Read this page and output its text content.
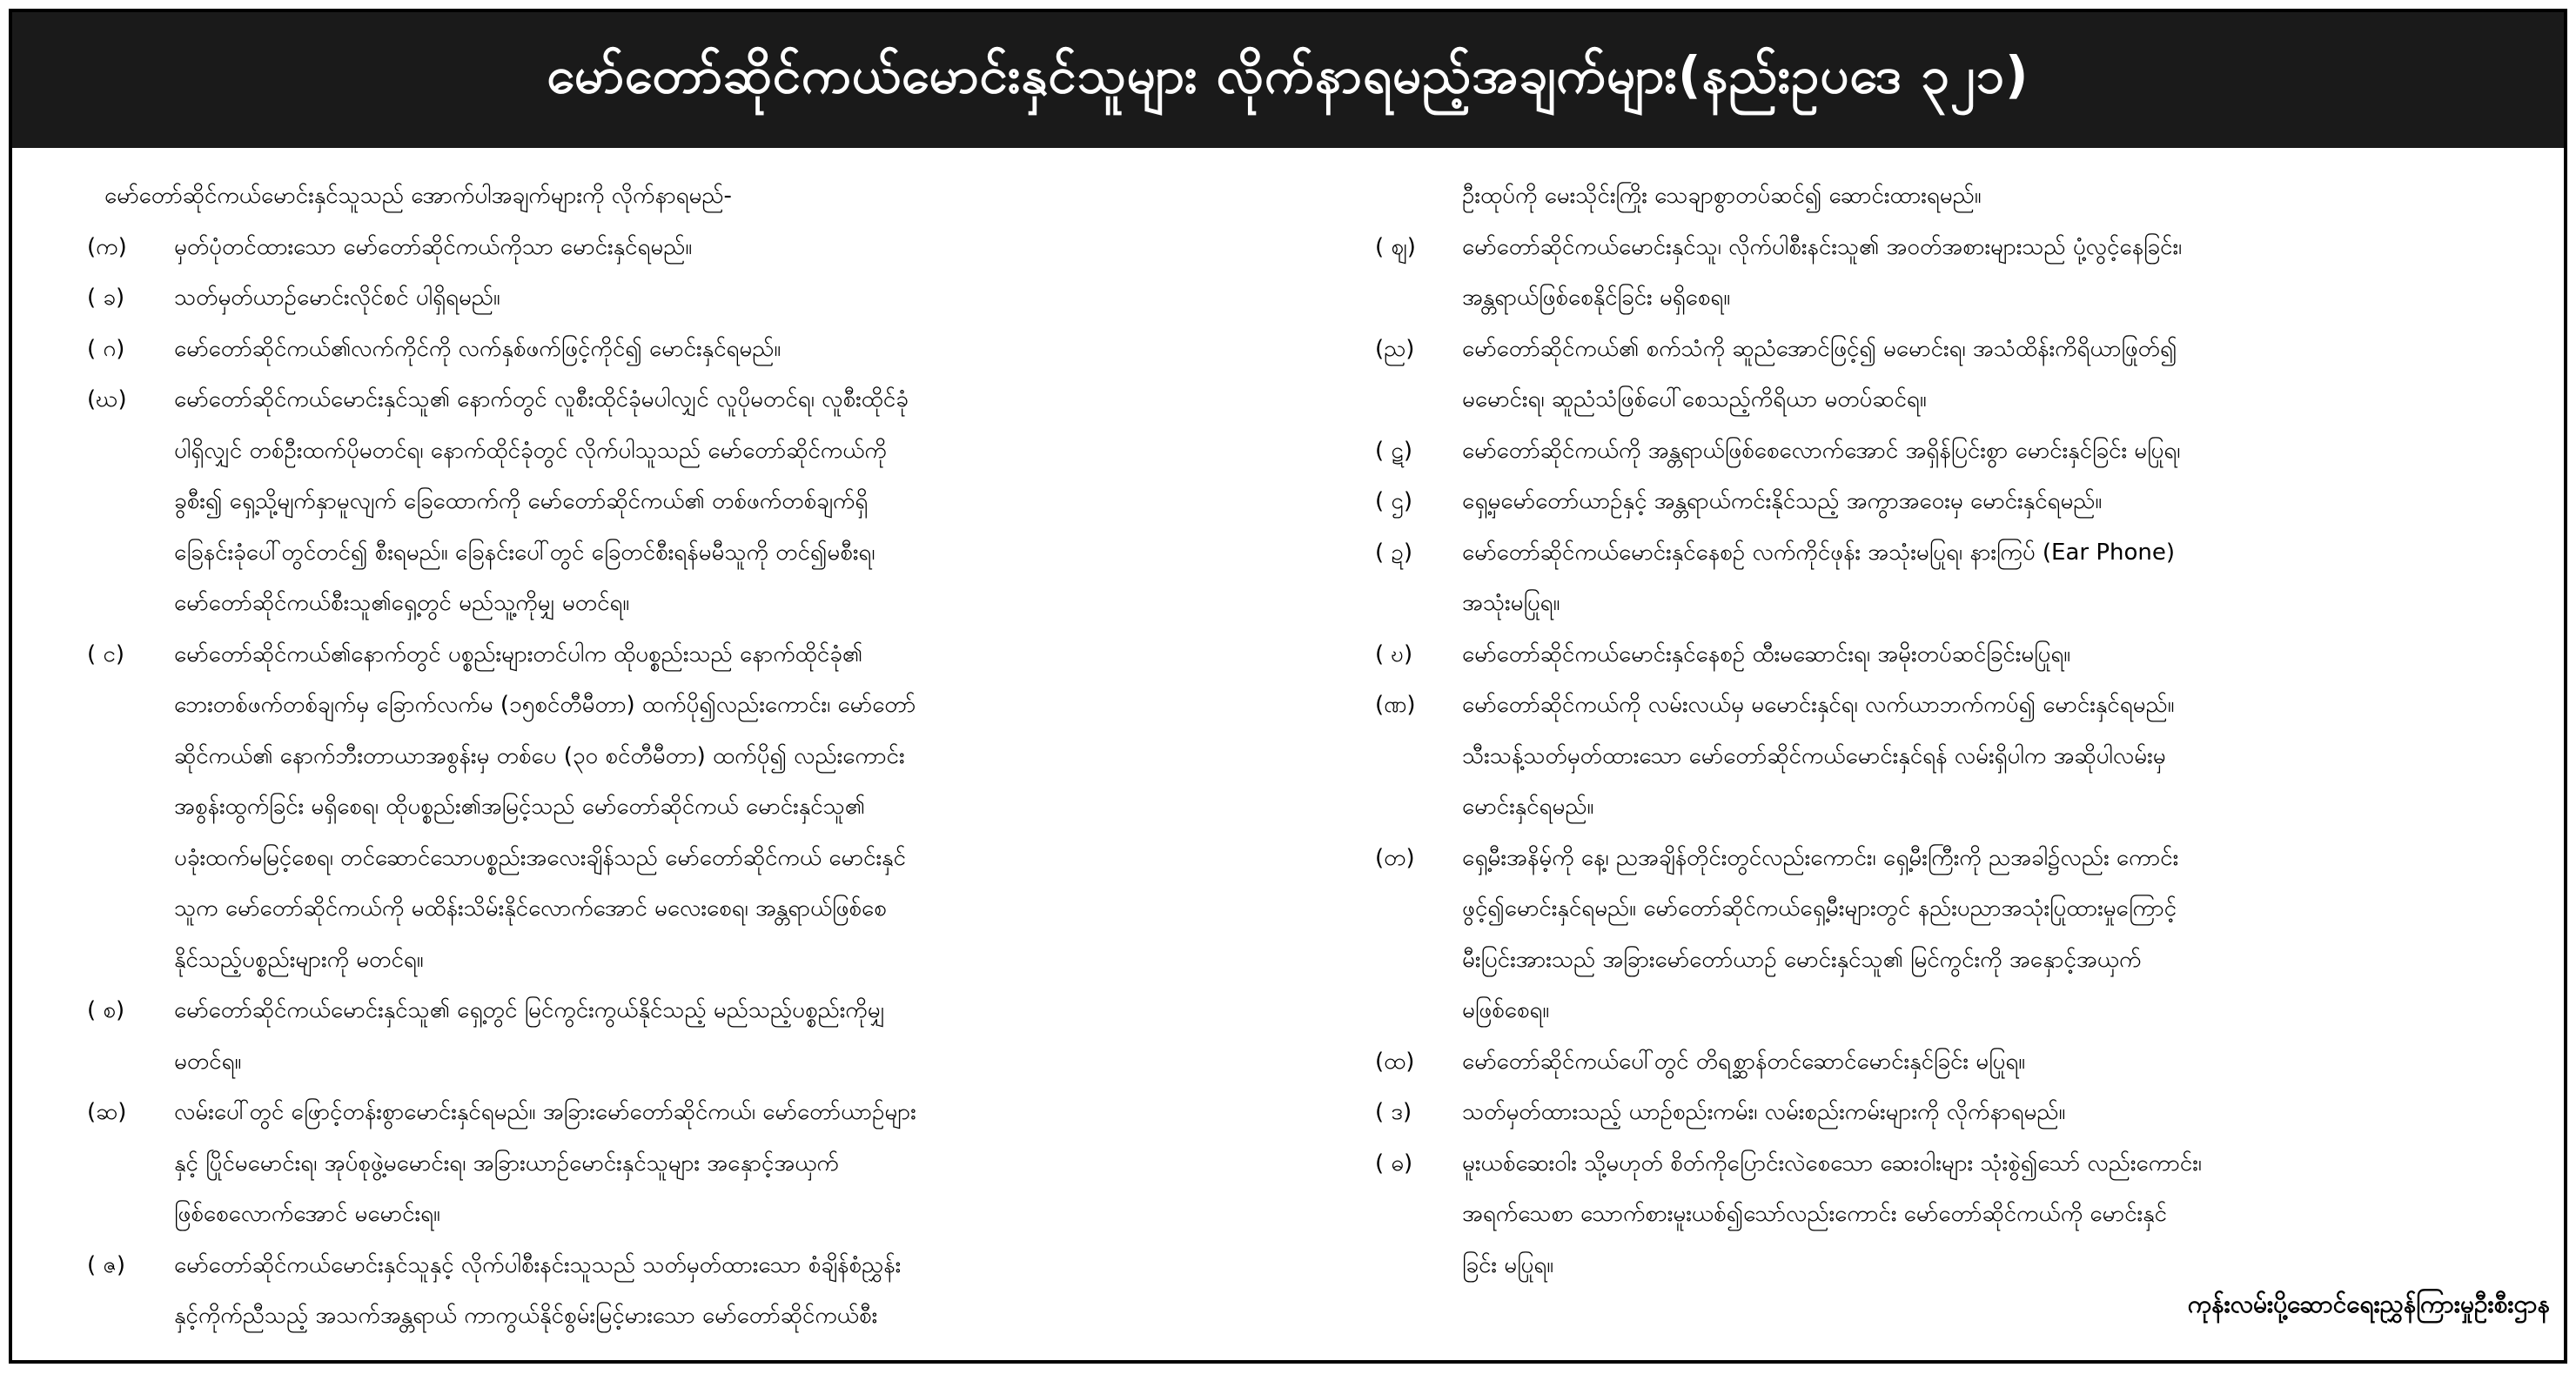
မော်တော်ဆိုင်ကယ်မောင်းနှင်သူများ လိုက်နာရမည့်အချက်များ(နည်းဥပဒေ ၃၂၁)
မော်တော်ဆိုင်ကယ်မောင်းနှင်သူသည် အောက်ပါအချက်များကို လိုက်နာရမည်-
(က) မှတ်ပုံတင်ထားသော မော်တော်ဆိုင်ကယ်ကိုသာ မောင်းနှင်ရမည်။
( ခ) သတ်မှတ်ယာဉ်မောင်းလိုင်စင် ပါရှိရမည်။
( ဂ) မော်တော်ဆိုင်ကယ်၏လက်ကိုင်ကို လက်နှစ်ဖက်ဖြင့်ကိုင်၍ မောင်းနှင်ရမည်။
(ဃ) မော်တော်ဆိုင်ကယ်မောင်းနှင်သူ၏ နောက်တွင် လူစီးထိုင်ခုံမပါလျှင် လူပိုမတင်ရ၊ လူစီးထိုင်ခုံ
ပါရှိလျှင် တစ်ဦးထက်ပိုမတင်ရ၊ နောက်ထိုင်ခုံတွင် လိုက်ပါသူသည် မော်တော်ဆိုင်ကယ်ကို
ခွစီး၍ ရှေ့သို့မျက်နှာမူလျက် ခြေထောက်ကို မော်တော်ဆိုင်ကယ်၏ တစ်ဖက်တစ်ချက်ရှိ
ခြေနင်းခုံပေါ်တွင်တင်၍ စီးရမည်။ ခြေနင်းပေါ်တွင် ခြေတင်စီးရန်မမီသူကို တင်၍မစီးရ၊
မော်တော်ဆိုင်ကယ်စီးသူ၏ရှေ့တွင် မည်သူ့ကိုမျှ မတင်ရ။
( င) မော်တော်ဆိုင်ကယ်၏နောက်တွင် ပစ္စည်းများတင်ပါက ထိုပစ္စည်းသည် နောက်ထိုင်ခုံ၏
ဘေးတစ်ဖက်တစ်ချက်မှ ခြောက်လက်မ (၁၅စင်တီမီတာ) ထက်ပို၍လည်းကောင်း၊ မော်တော်
ဆိုင်ကယ်၏ နောက်ဘီးတာယာအစွန်းမှ တစ်ပေ (၃၀ စင်တီမီတာ) ထက်ပို၍ လည်းကောင်း
အစွန်းထွက်ခြင်း မရှိစေရ၊ ထိုပစ္စည်း၏အမြင့်သည် မော်တော်ဆိုင်ကယ် မောင်းနှင်သူ၏
ပခုံးထက်မမြင့်စေရ၊ တင်ဆောင်သောပစ္စည်းအလေးချိန်သည် မော်တော်ဆိုင်ကယ် မောင်းနှင်
သူက မော်တော်ဆိုင်ကယ်ကို မထိန်းသိမ်းနိုင်လောက်အောင် မလေးစေရ၊ အန္တရာယ်ဖြစ်စေ
နိုင်သည့်ပစ္စည်းများကို မတင်ရ။
( စ) မော်တော်ဆိုင်ကယ်မောင်းနှင်သူ၏ ရှေ့တွင် မြင်ကွင်းကွယ်နိုင်သည့် မည်သည့်ပစ္စည်းကိုမျှ
မတင်ရ။
(ဆ) လမ်းပေါ်တွင် ဖြောင့်တန်းစွာမောင်းနှင်ရမည်။ အခြားမော်တော်ဆိုင်ကယ်၊ မော်တော်ယာဉ်များ
နှင့် ပြိုင်မမောင်းရ၊ အုပ်စုဖွဲ့မမောင်းရ၊ အခြားယာဉ်မောင်းနှင်သူများ အနှောင့်အယှက်
ဖြစ်စေလောက်အောင် မမောင်းရ။
( ဇ) မော်တော်ဆိုင်ကယ်မောင်းနှင်သူနှင့် လိုက်ပါစီးနင်းသူသည် သတ်မှတ်ထားသော စံချိန်စံညွှန်း
နှင့်ကိုက်ညီသည့် အသက်အန္တရာယ် ကာကွယ်နိုင်စွမ်းမြင့်မားသော မော်တော်ဆိုင်ကယ်စီး
ဦးထုပ်ကို မေးသိုင်းကြိုး သေချာစွာတပ်ဆင်၍ ဆောင်းထားရမည်။
( ဈ) မော်တော်ဆိုင်ကယ်မောင်းနှင်သူ၊ လိုက်ပါစီးနင်းသူ၏ အဝတ်အစားများသည် ပုံ့လွင့်နေခြင်း၊
အန္တရာယ်ဖြစ်စေနိုင်ခြင်း မရှိစေရ။
(ည) မော်တော်ဆိုင်ကယ်၏ စက်သံကို ဆူညံအောင်ဖြင့်၍ မမောင်းရ၊ အသံထိန်းကိရိယာဖြုတ်၍
မမောင်းရ၊ ဆူညံသံဖြစ်ပေါ်စေသည့်ကိရိယာ မတပ်ဆင်ရ။
( ဋ) မော်တော်ဆိုင်ကယ်ကို အန္တရာယ်ဖြစ်စေလောက်အောင် အရှိန်ပြင်းစွာ မောင်းနှင်ခြင်း မပြုရ၊
( ဌ) ရှေ့မှမော်တော်ယာဉ်နှင့် အန္တရာယ်ကင်းနိုင်သည့် အကွာအဝေးမှ မောင်းနှင်ရမည်။
( ဍ) မော်တော်ဆိုင်ကယ်မောင်းနှင်နေစဉ် လက်ကိုင်ဖုန်း အသုံးမပြုရ၊ နားကြပ် (Ear Phone)
အသုံးမပြုရ။
( ဎ) မော်တော်ဆိုင်ကယ်မောင်းနှင်နေစဉ် ထီးမဆောင်းရ၊ အမိုးတပ်ဆင်ခြင်းမပြုရ။
(ဏ) မော်တော်ဆိုင်ကယ်ကို လမ်းလယ်မှ မမောင်းနှင်ရ၊ လက်ယာဘက်ကပ်၍ မောင်းနှင်ရမည်။
သီးသန့်သတ်မှတ်ထားသော မော်တော်ဆိုင်ကယ်မောင်းနှင်ရန် လမ်းရှိပါက အဆိုပါလမ်းမှ
မောင်းနှင်ရမည်။
(တ) ရှေ့မီးအနိမ့်ကို နေ့၊ ညအချိန်တိုင်းတွင်လည်းကောင်း၊ ရှေ့မီးကြီးကို ညအခါ၌လည်း ကောင်း
ဖွင့်၍မောင်းနှင်ရမည်။ မော်တော်ဆိုင်ကယ်ရှေ့မီးများတွင် နည်းပညာအသုံးပြုထားမှုကြောင့်
မီးပြင်းအားသည် အခြားမော်တော်ယာဉ် မောင်းနှင်သူ၏ မြင်ကွင်းကို အနှောင့်အယှက်
မဖြစ်စေရ။
(ထ) မော်တော်ဆိုင်ကယ်ပေါ်တွင် တိရစ္ဆာန်တင်ဆောင်မောင်းနှင်ခြင်း မပြုရ။
( ဒ) သတ်မှတ်ထားသည့် ယာဉ်စည်းကမ်း၊ လမ်းစည်းကမ်းများကို လိုက်နာရမည်။
( ဓ) မူးယစ်ဆေးဝါး သို့မဟုတ် စိတ်ကိုပြောင်းလဲစေသော ဆေးဝါးများ သုံးစွဲ၍သော် လည်းကောင်း၊
အရက်သေစာ သောက်စားမူးယစ်၍သော်လည်းကောင်း မော်တော်ဆိုင်ကယ်ကို မောင်းနှင်
ခြင်း မပြုရ။
ကုန်းလမ်းပို့ဆောင်ရေးညွှန်ကြားမှုဦးစီးဌာန
